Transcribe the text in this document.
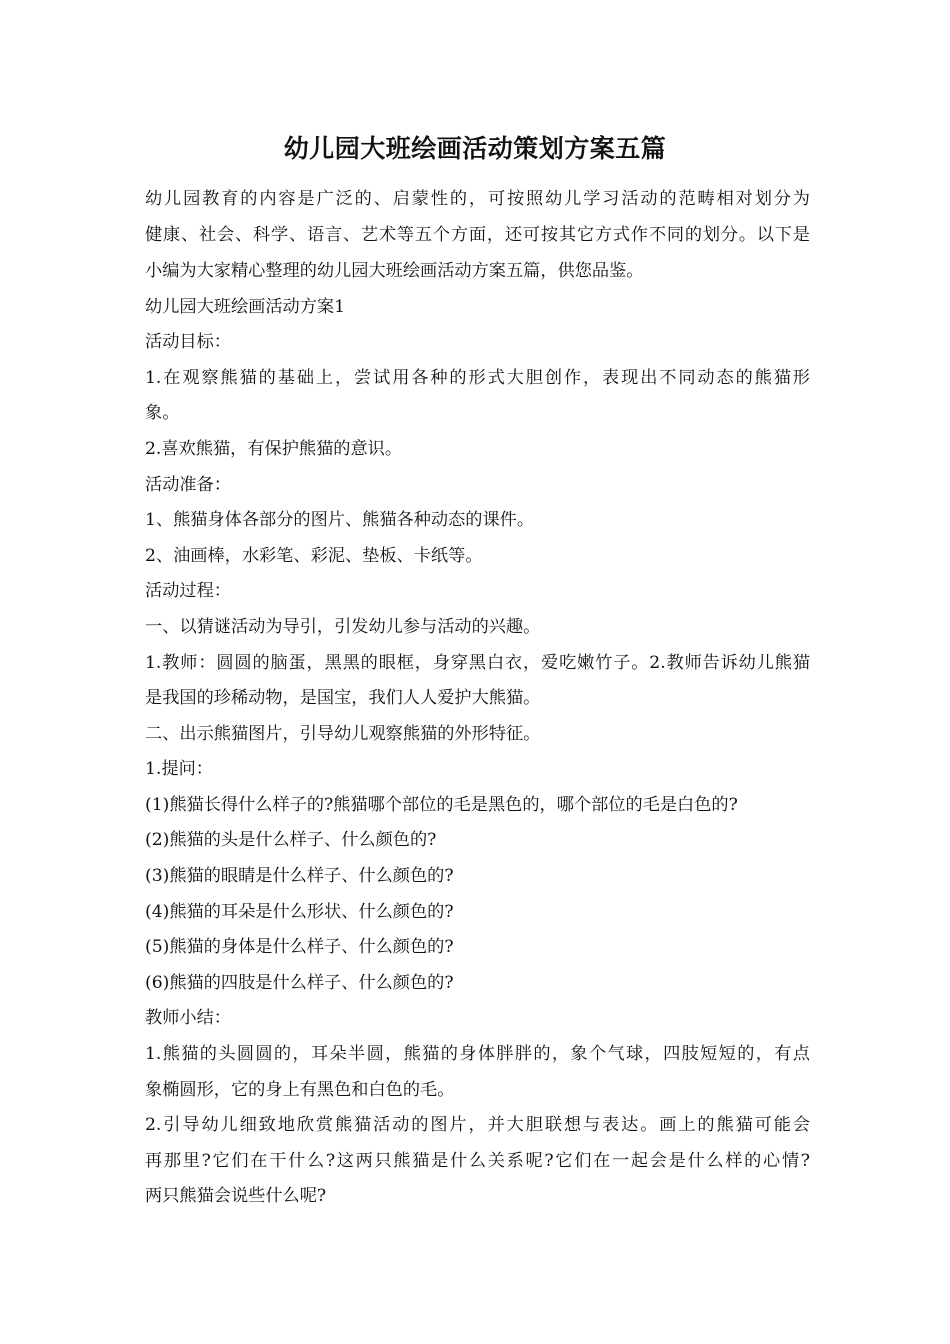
幼儿园大班绘画活动策划方案五篇
幼儿园教育的内容是广泛的、启蒙性的，可按照幼儿学习活动的范畴相对划分为
健康、社会、科学、语言、艺术等五个方面，还可按其它方式作不同的划分。以下是
小编为大家精心整理的幼儿园大班绘画活动方案五篇，供您品鉴。
幼儿园大班绘画活动方案1
活动目标：
1.在观察熊猫的基础上，尝试用各种的形式大胆创作，表现出不同动态的熊猫形
象。
2.喜欢熊猫，有保护熊猫的意识。
活动准备：
1、熊猫身体各部分的图片、熊猫各种动态的课件。
2、油画棒，水彩笔、彩泥、垫板、卡纸等。
活动过程：
一、以猜谜活动为导引，引发幼儿参与活动的兴趣。
1.教师：圆圆的脑蛋，黑黑的眼框，身穿黑白衣，爱吃嫩竹子。2.教师告诉幼儿熊猫
是我国的珍稀动物，是国宝，我们人人爱护大熊猫。
二、出示熊猫图片，引导幼儿观察熊猫的外形特征。
1.提问：
(1)熊猫长得什么样子的?熊猫哪个部位的毛是黑色的，哪个部位的毛是白色的?
(2)熊猫的头是什么样子、什么颜色的?
(3)熊猫的眼睛是什么样子、什么颜色的?
(4)熊猫的耳朵是什么形状、什么颜色的?
(5)熊猫的身体是什么样子、什么颜色的?
(6)熊猫的四肢是什么样子、什么颜色的?
教师小结：
1.熊猫的头圆圆的，耳朵半圆，熊猫的身体胖胖的，象个气球，四肢短短的，有点
象椭圆形，它的身上有黑色和白色的毛。
2.引导幼儿细致地欣赏熊猫活动的图片，并大胆联想与表达。画上的熊猫可能会
再那里?它们在干什么?这两只熊猫是什么关系呢?它们在一起会是什么样的心情?
两只熊猫会说些什么呢?
